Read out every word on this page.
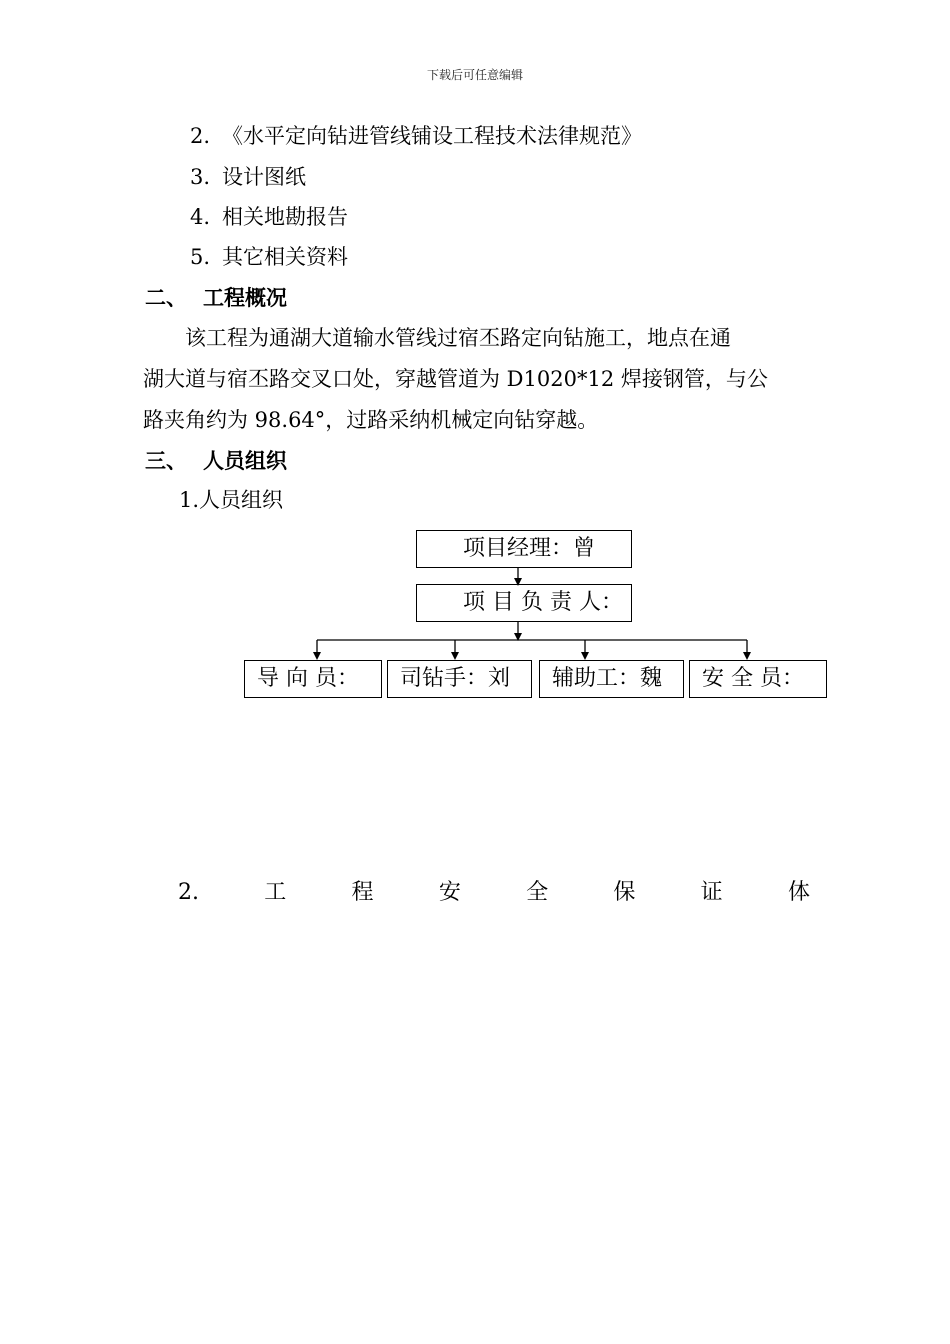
下载后可任意编辑
2. 《水平定向钻进管线铺设工程技术法律规范》
3. 设计图纸
4. 相关地勘报告
5. 其它相关资料
二、 工程概况
　　该工程为通湖大道输水管线过宿丕路定向钻施工，地点在通
湖大道与宿丕路交叉口处，穿越管道为 D1020*12 焊接钢管，与公
路夹角约为 98.64°，过路采纳机械定向钻穿越。
三、 人员组织
1.人员组织
项目经理：曾
项 目 负 责 人：
导 向 员：	司钻手：刘	辅助工：魏	安 全 员：
2.	工	程	安	全	保	证	体
